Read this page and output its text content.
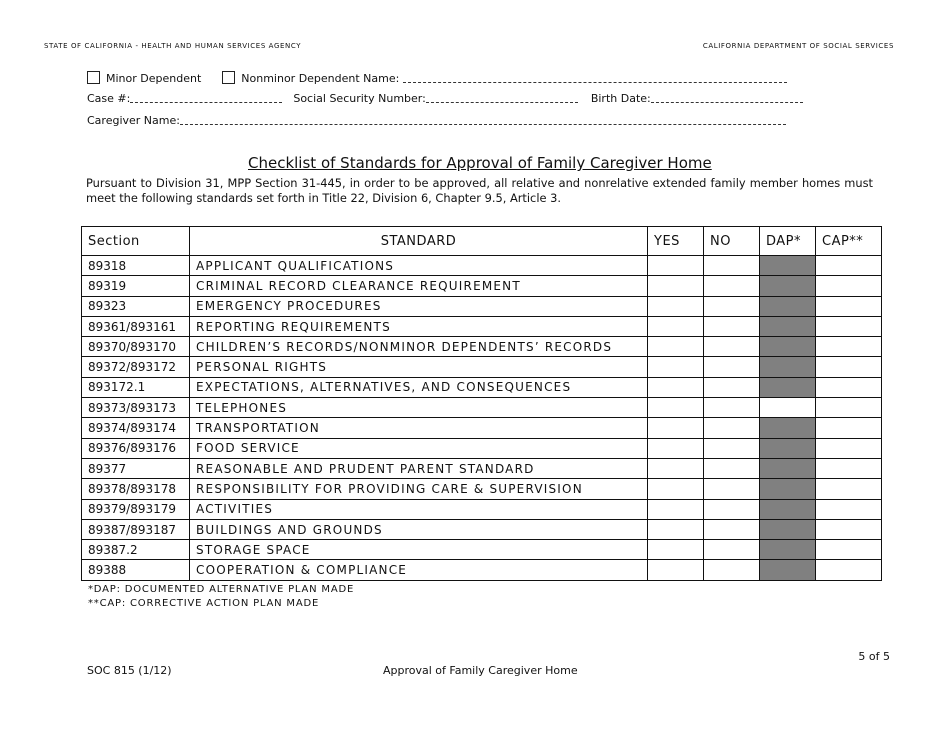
STATE OF CALIFORNIA - HEALTH AND HUMAN SERVICES AGENCY	CALIFORNIA DEPARTMENT OF SOCIAL SERVICES
Minor Dependent	Nonminor Dependent Name:
Case #:	Social Security Number:	Birth Date:
Caregiver Name:
Checklist of Standards for Approval of Family Caregiver Home
Pursuant to Division 31, MPP Section 31-445, in order to be approved, all relative and nonrelative extended family member homes must meet the following standards set forth in Title 22, Division 6, Chapter 9.5, Article 3.
Section	STANDARD	YES	NO	DAP*	CAP**
89318	APPLICANT QUALIFICATIONS				
89319	CRIMINAL RECORD CLEARANCE REQUIREMENT				
89323	EMERGENCY PROCEDURES				
89361/893161	REPORTING REQUIREMENTS				
89370/893170	CHILDREN’S RECORDS/NONMINOR DEPENDENTS’ RECORDS				
89372/893172	PERSONAL RIGHTS				
893172.1	EXPECTATIONS, ALTERNATIVES, AND CONSEQUENCES				
89373/893173	TELEPHONES				
89374/893174	TRANSPORTATION				
89376/893176	FOOD SERVICE				
89377	REASONABLE AND PRUDENT PARENT STANDARD				
89378/893178	RESPONSIBILITY FOR PROVIDING CARE & SUPERVISION				
89379/893179	ACTIVITIES				
89387/893187	BUILDINGS AND GROUNDS				
89387.2	STORAGE SPACE				
89388	COOPERATION & COMPLIANCE				
*DAP: DOCUMENTED ALTERNATIVE PLAN MADE
**CAP: CORRECTIVE ACTION PLAN MADE
5 of 5
SOC 815 (1/12)	Approval of Family Caregiver Home
